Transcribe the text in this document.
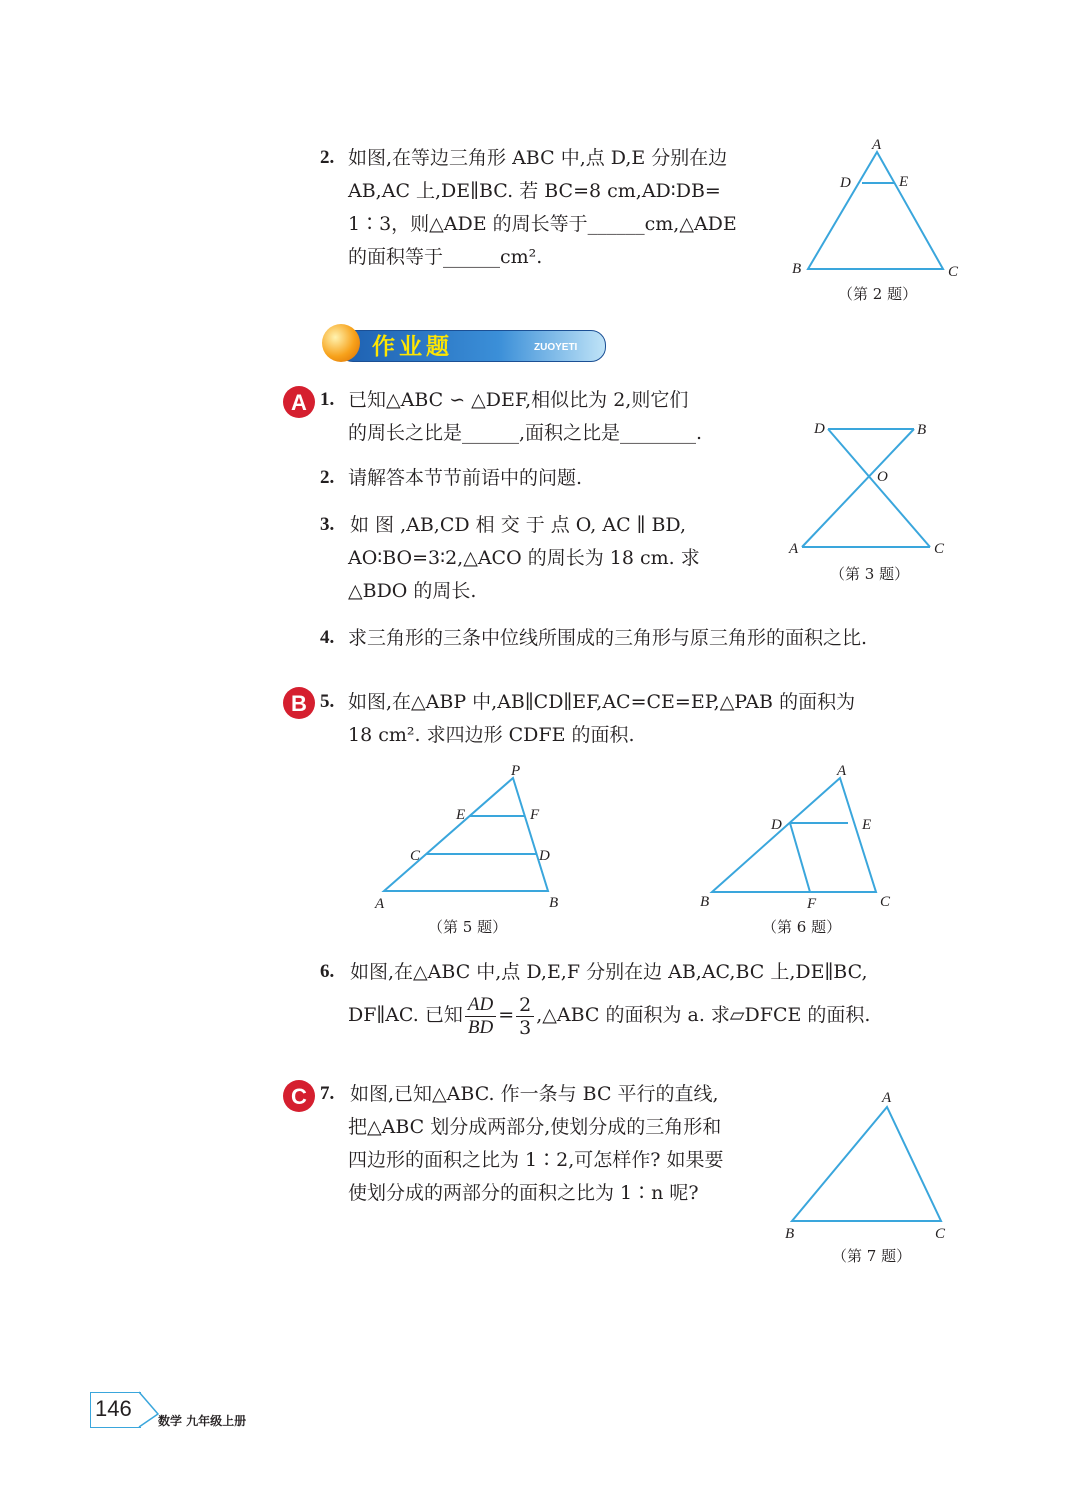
2. 如图,在等边三角形 ABC 中,点 D,E 分别在边
AB,AC 上,DE∥BC. 若 BC=8 cm,AD∶DB=
1∶3，则△ADE 的周长等于______cm,△ADE
的面积等于______cm².
A
D	E
B	C
（第 2 题）
作业题	ZUOYETI
A 1. 已知△ABC ∽ △DEF,相似比为 2,则它们
的周长之比是______,面积之比是________.
2. 请解答本节节前语中的问题.
3. 如 图 ,AB,CD 相 交 于 点 O, AC ∥ BD,
AO∶BO=3∶2,△ACO 的周长为 18 cm. 求
△BDO 的周长.
D	B
O
A	C
（第 3 题）
4. 求三角形的三条中位线所围成的三角形与原三角形的面积之比.
B 5. 如图,在△ABP 中,AB∥CD∥EF,AC=CE=EP,△PAB 的面积为
18 cm². 求四边形 CDFE 的面积.
P
E	F
C	D
A	B
（第 5 题）
A
D	E
B	F	C
（第 6 题）
6. 如图,在△ABC 中,点 D,E,F 分别在边 AB,AC,BC 上,DE∥BC,
DF∥AC. 已知 $\frac{AD}{BD} = \frac{2}{3}$ ,△ABC 的面积为 a. 求▱DFCE 的面积.
C 7. 如图,已知△ABC. 作一条与 BC 平行的直线,
把△ABC 划分成两部分,使划分成的三角形和
四边形的面积之比为 1∶2,可怎样作? 如果要
使划分成的两部分的面积之比为 1∶n 呢?
A
B	C
（第 7 题）
146 数学 九年级上册
